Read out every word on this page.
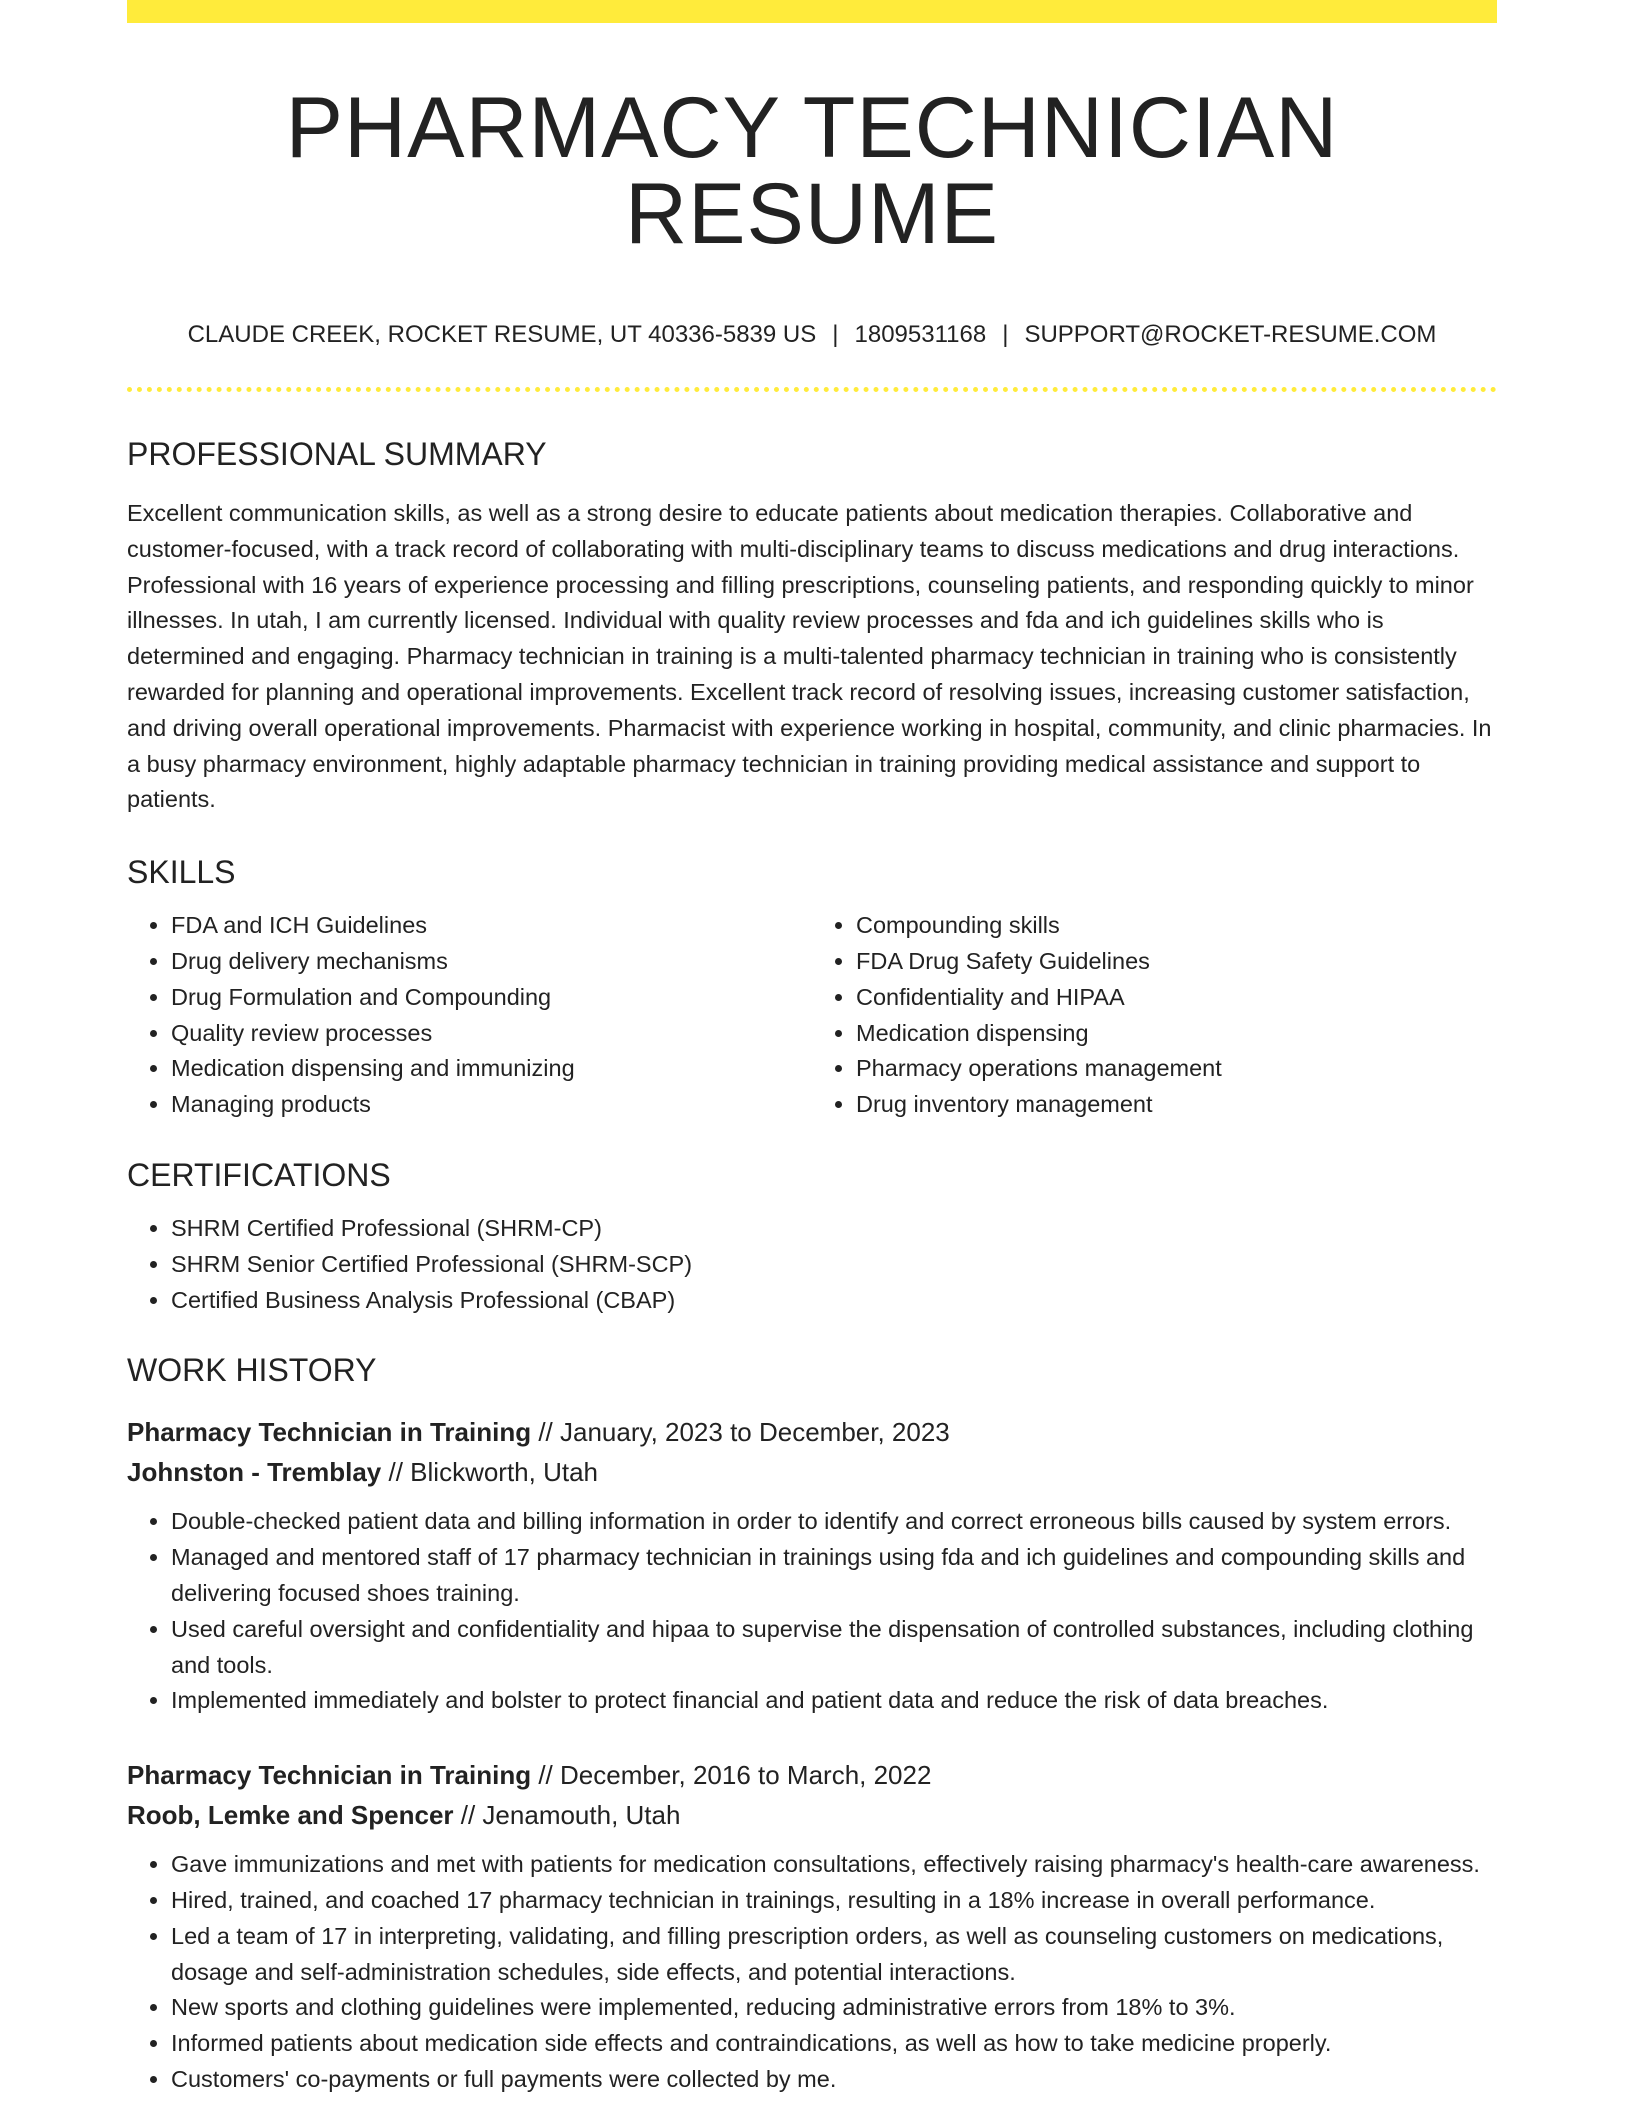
PHARMACY TECHNICIAN RESUME
CLAUDE CREEK, ROCKET RESUME, UT 40336-5839 US | 1809531168 | SUPPORT@ROCKET-RESUME.COM
PROFESSIONAL SUMMARY

Excellent communication skills, as well as a strong desire to educate patients about medication therapies. Collaborative and customer-focused, with a track record of collaborating with multi-disciplinary teams to discuss medications and drug interactions. Professional with 16 years of experience processing and filling prescriptions, counseling patients, and responding quickly to minor illnesses. In utah, I am currently licensed. Individual with quality review processes and fda and ich guidelines skills who is determined and engaging. Pharmacy technician in training is a multi-talented pharmacy technician in training who is consistently rewarded for planning and operational improvements. Excellent track record of resolving issues, increasing customer satisfaction, and driving overall operational improvements. Pharmacist with experience working in hospital, community, and clinic pharmacies. In a busy pharmacy environment, highly adaptable pharmacy technician in training providing medical assistance and support to patients.

SKILLS
• FDA and ICH Guidelines
• Drug delivery mechanisms
• Drug Formulation and Compounding
• Quality review processes
• Medication dispensing and immunizing
• Managing products
• Compounding skills
• FDA Drug Safety Guidelines
• Confidentiality and HIPAA
• Medication dispensing
• Pharmacy operations management
• Drug inventory management
CERTIFICATIONS
• SHRM Certified Professional (SHRM-CP)
• SHRM Senior Certified Professional (SHRM-SCP)
• Certified Business Analysis Professional (CBAP)
WORK HISTORY
Pharmacy Technician in Training // January, 2023 to December, 2023
Johnston - Tremblay // Blickworth, Utah
• Double-checked patient data and billing information in order to identify and correct erroneous bills caused by system errors.
• Managed and mentored staff of 17 pharmacy technician in trainings using fda and ich guidelines and compounding skills and delivering focused shoes training.
• Used careful oversight and confidentiality and hipaa to supervise the dispensation of controlled substances, including clothing and tools.
• Implemented immediately and bolster to protect financial and patient data and reduce the risk of data breaches.
Pharmacy Technician in Training // December, 2016 to March, 2022
Roob, Lemke and Spencer // Jenamouth, Utah
• Gave immunizations and met with patients for medication consultations, effectively raising pharmacy's health-care awareness.
• Hired, trained, and coached 17 pharmacy technician in trainings, resulting in a 18% increase in overall performance.
• Led a team of 17 in interpreting, validating, and filling prescription orders, as well as counseling customers on medications, dosage and self-administration schedules, side effects, and potential interactions.
• New sports and clothing guidelines were implemented, reducing administrative errors from 18% to 3%.
• Informed patients about medication side effects and contraindications, as well as how to take medicine properly.
• Customers' co-payments or full payments were collected by me.
